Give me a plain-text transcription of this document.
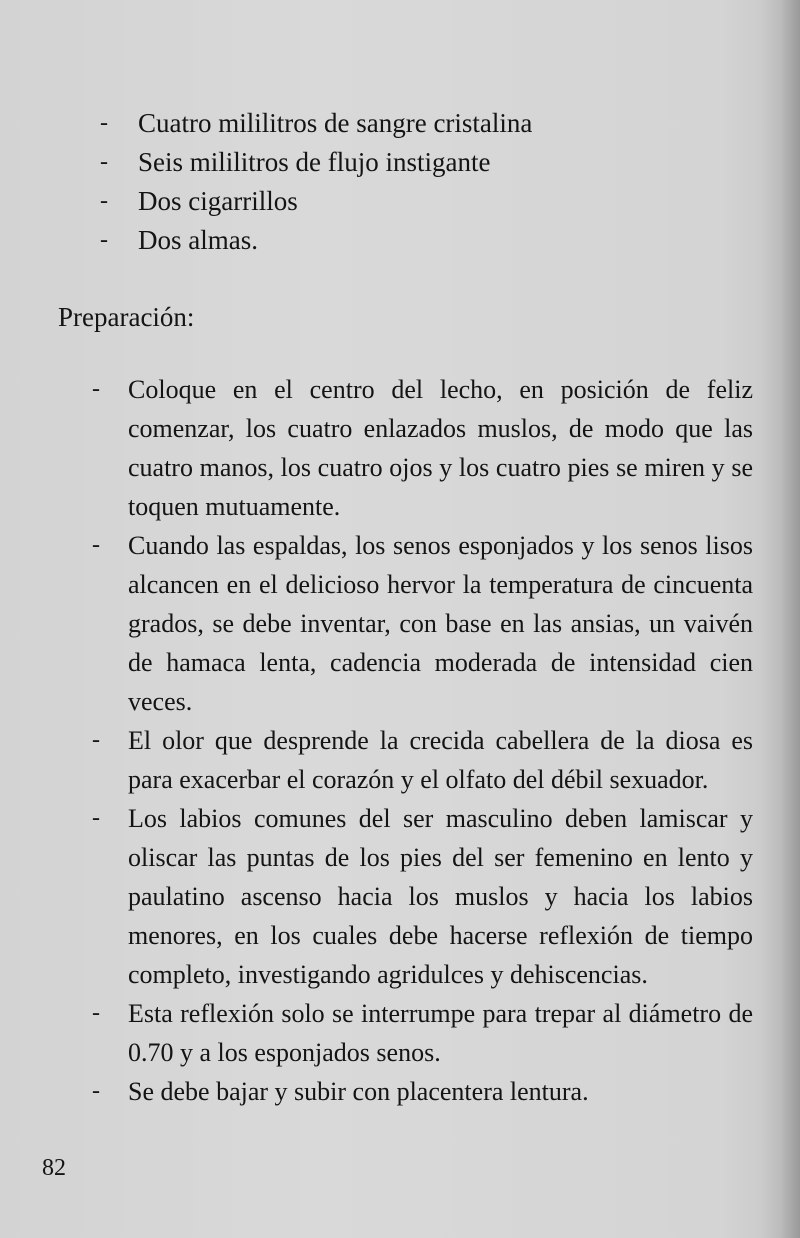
- Cuatro mililitros de sangre cristalina
- Seis mililitros de flujo instigante
- Dos cigarrillos
- Dos almas.
Preparación:
- Coloque en el centro del lecho, en posición de feliz comenzar, los cuatro enlazados muslos, de modo que las cuatro manos, los cuatro ojos y los cuatro pies se miren y se toquen mutuamente.
- Cuando las espaldas, los senos esponjados y los senos lisos alcancen en el delicioso hervor la temperatura de cincuenta grados, se debe inventar, con base en las ansias, un vaivén de hamaca lenta, cadencia moderada de intensidad cien veces.
- El olor que desprende la crecida cabellera de la diosa es para exacerbar el corazón y el olfato del débil sexuador.
- Los labios comunes del ser masculino deben lamiscar y oliscar las puntas de los pies del ser femenino en lento y paulatino ascenso hacia los muslos y hacia los labios menores, en los cuales debe hacerse reflexión de tiempo completo, investigando agridulces y dehiscencias.
- Esta reflexión solo se interrumpe para trepar al diámetro de 0.70 y a los esponjados senos.
- Se debe bajar y subir con placentera lentura.
82
